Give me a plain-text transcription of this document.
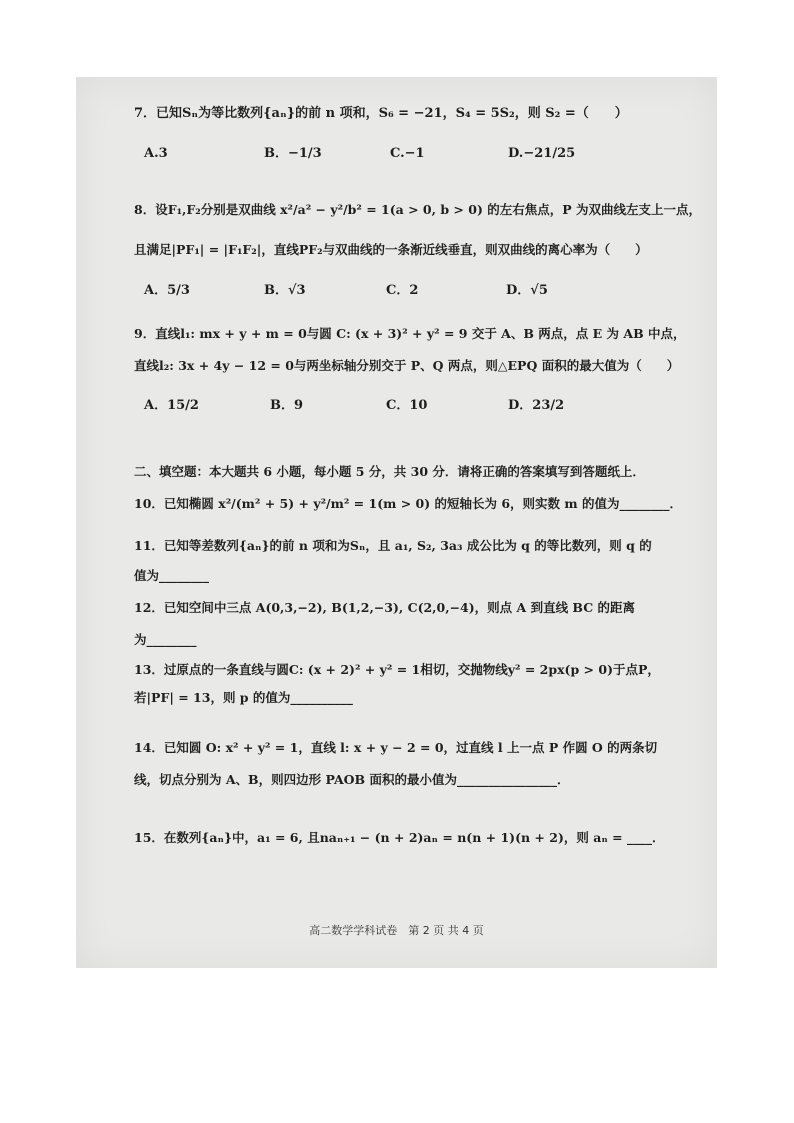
7．已知Sₙ为等比数列{aₙ}的前 n 项和，S₆ = −21，S₄ = 5S₂，则 S₂ =（　　）
A.3	B．−1/3	C.−1	D.−21/25
8．设F₁,F₂分别是双曲线 x²/a² − y²/b² = 1(a > 0, b > 0) 的左右焦点，P 为双曲线左支上一点，
且满足|PF₁| = |F₁F₂|，直线PF₂与双曲线的一条渐近线垂直，则双曲线的离心率为（　　）
A．5/3	B．√3	C．2	D．√5
9．直线l₁: mx + y + m = 0与圆 C: (x + 3)² + y² = 9 交于 A、B 两点，点 E 为 AB 中点，
直线l₂: 3x + 4y − 12 = 0与两坐标轴分别交于 P、Q 两点，则△EPQ 面积的最大值为（　　）
A．15/2	B．9	C．10	D．23/2
二、填空题：本大题共 6 小题，每小题 5 分，共 30 分．请将正确的答案填写到答题纸上．
10．已知椭圆 x²/(m² + 5) + y²/m² = 1(m > 0) 的短轴长为 6，则实数 m 的值为________．
11．已知等差数列{aₙ}的前 n 项和为Sₙ，且 a₁, S₂, 3a₃ 成公比为 q 的等比数列，则 q 的
值为________
12．已知空间中三点 A(0,3,−2), B(1,2,−3), C(2,0,−4)，则点 A 到直线 BC 的距离
为________
13．过原点的一条直线与圆C: (x + 2)² + y² = 1相切，交抛物线y² = 2px(p > 0)于点P，
若|PF| = 13，则 p 的值为__________
14．已知圆 O: x² + y² = 1，直线 l: x + y − 2 = 0，过直线 l 上一点 P 作圆 O 的两条切
线，切点分别为 A、B，则四边形 PAOB 面积的最小值为________________．
15．在数列{aₙ}中，a₁ = 6, 且naₙ₊₁ − (n + 2)aₙ = n(n + 1)(n + 2)，则 aₙ = ____．
高二数学学科试卷　第 2 页 共 4 页
